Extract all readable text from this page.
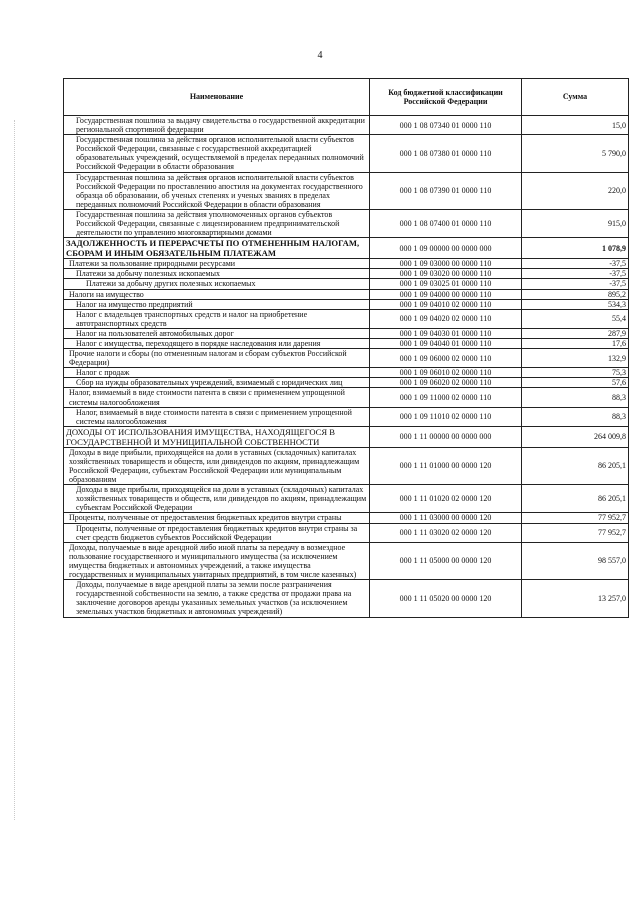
4
Наименование	Код бюджетной классификации Российской Федерации	Сумма
Государственная пошлина за выдачу свидетельства о государственной аккредитации региональной спортивной федерации	000 1 08 07340 01 0000 110	15,0
Государственная пошлина за действия органов исполнительной власти субъектов Российской Федерации, связанные с государственной аккредитацией образовательных учреждений, осуществляемой в пределах переданных полномочий Российской Федерации в области образования	000 1 08 07380 01 0000 110	5 790,0
Государственная пошлина за действия органов исполнительной власти субъектов Российской Федерации по проставлению апостиля на документах государственного образца об образовании, об ученых степенях и ученых званиях в пределах переданных полномочий Российской Федерации в области образования	000 1 08 07390 01 0000 110	220,0
Государственная пошлина за действия уполномоченных органов субъектов Российской Федерации, связанные с лицензированием предпринимательской деятельности по управлению многоквартирными домами	000 1 08 07400 01 0000 110	915,0
ЗАДОЛЖЕННОСТЬ И ПЕРЕРАСЧЕТЫ ПО ОТМЕНЕННЫМ НАЛОГАМ, СБОРАМ И ИНЫМ ОБЯЗАТЕЛЬНЫМ ПЛАТЕЖАМ	000 1 09 00000 00 0000 000	1 078,9
Платежи за пользование природными ресурсами	000 1 09 03000 00 0000 110	-37,5
Платежи за добычу полезных ископаемых	000 1 09 03020 00 0000 110	-37,5
Платежи за добычу других полезных ископаемых	000 1 09 03025 01 0000 110	-37,5
Налоги на имущество	000 1 09 04000 00 0000 110	895,2
Налог на имущество предприятий	000 1 09 04010 02 0000 110	534,3
Налог с владельцев транспортных средств и налог на приобретение автотранспортных средств	000 1 09 04020 02 0000 110	55,4
Налог на пользователей автомобильных дорог	000 1 09 04030 01 0000 110	287,9
Налог с имущества, переходящего в порядке наследования или дарения	000 1 09 04040 01 0000 110	17,6
Прочие налоги и сборы (по отмененным налогам и сборам субъектов Российской Федерации)	000 1 09 06000 02 0000 110	132,9
Налог с продаж	000 1 09 06010 02 0000 110	75,3
Сбор на нужды образовательных учреждений, взимаемый с юридических лиц	000 1 09 06020 02 0000 110	57,6
Налог, взимаемый в виде стоимости патента в связи с применением упрощенной системы налогообложения	000 1 09 11000 02 0000 110	88,3
Налог, взимаемый в виде стоимости патента в связи с применением упрощенной системы налогообложения	000 1 09 11010 02 0000 110	88,3
ДОХОДЫ ОТ ИСПОЛЬЗОВАНИЯ ИМУЩЕСТВА, НАХОДЯЩЕГОСЯ В ГОСУДАРСТВЕННОЙ И МУНИЦИПАЛЬНОЙ СОБСТВЕННОСТИ	000 1 11 00000 00 0000 000	264 009,8
Доходы в виде прибыли, приходящейся на доли в уставных (складочных) капиталах хозяйственных товариществ и обществ, или дивидендов по акциям, принадлежащим Российской Федерации, субъектам Российской Федерации или муниципальным образованиям	000 1 11 01000 00 0000 120	86 205,1
Доходы в виде прибыли, приходящейся на доли в уставных (складочных) капиталах хозяйственных товариществ и обществ, или дивидендов по акциям, принадлежащим субъектам Российской Федерации	000 1 11 01020 02 0000 120	86 205,1
Проценты, полученные от предоставления бюджетных кредитов внутри страны	000 1 11 03000 00 0000 120	77 952,7
Проценты, полученные от предоставления бюджетных кредитов внутри страны за счет средств бюджетов субъектов Российской Федерации	000 1 11 03020 02 0000 120	77 952,7
Доходы, получаемые в виде арендной либо иной платы за передачу в возмездное пользование государственного и муниципального имущества (за исключением имущества бюджетных и автономных учреждений, а также имущества государственных и муниципальных унитарных предприятий, в том числе казенных)	000 1 11 05000 00 0000 120	98 557,0
Доходы, получаемые в виде арендной платы за земли после разграничения государственной собственности на землю, а также средства от продажи права на заключение договоров аренды указанных земельных участков (за исключением земельных участков бюджетных и автономных учреждений)	000 1 11 05020 00 0000 120	13 257,0
